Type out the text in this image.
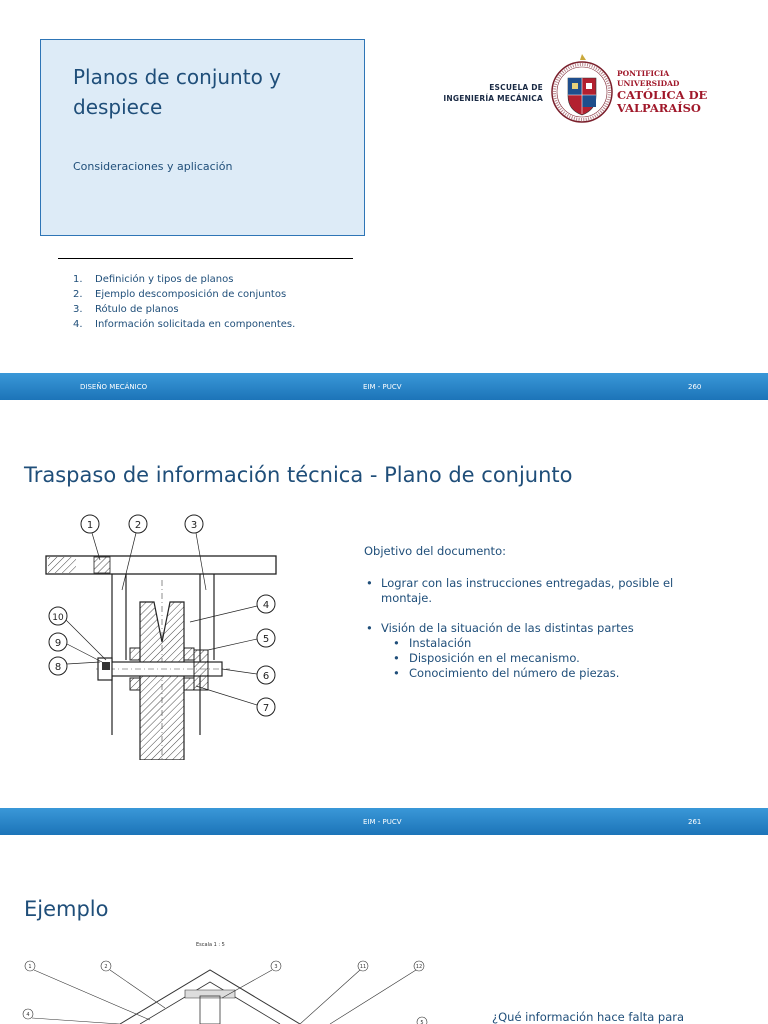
Planos de conjunto y despiece
Consideraciones y aplicación
1. Definición y tipos de planos
2. Ejemplo descomposición de conjuntos
3. Rótulo de planos
4. Información solicitada en componentes.
ESCUELA DE
INGENIERÍA MECÁNICA
PONTIFICIA
UNIVERSIDAD
CATÓLICA DE
VALPARAÍSO
DISEÑO MECÁNICO	EIM - PUCV	260
Traspaso de información técnica - Plano de conjunto
1	2	3
4
5
6
7
8
9
10
Objetivo del documento:
• Lograr con las instrucciones entregadas, posible el montaje.
• Visión de la situación de las distintas partes
• Instalación
• Disposición en el mecanismo.
• Conocimiento del número de piezas.
EIM - PUCV	261
Ejemplo
Escala 1 : 5
1	2	3	11	12
4
5	¿Qué información hace falta para
